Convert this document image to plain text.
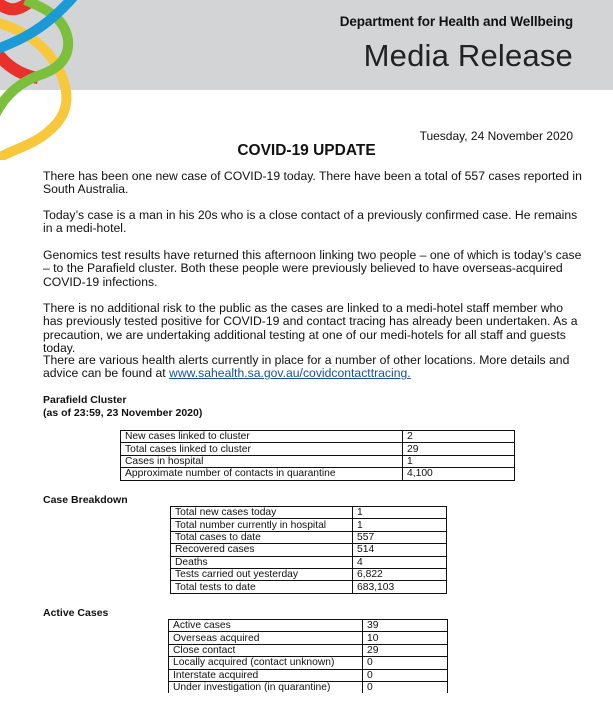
Department for Health and Wellbeing
Media Release
Tuesday, 24 November 2020
COVID-19 UPDATE

There has been one new case of COVID-19 today. There have been a total of 557 cases reported in South Australia.

Today’s case is a man in his 20s who is a close contact of a previously confirmed case. He remains in a medi-hotel.

Genomics test results have returned this afternoon linking two people – one of which is today’s case – to the Parafield cluster. Both these people were previously believed to have overseas-acquired COVID-19 infections.

There is no additional risk to the public as the cases are linked to a medi-hotel staff member who has previously tested positive for COVID-19 and contact tracing has already been undertaken. As a precaution, we are undertaking additional testing at one of our medi-hotels for all staff and guests today.

There are various health alerts currently in place for a number of other locations. More details and advice can be found at www.sahealth.sa.gov.au/covidcontacttracing.

Parafield Cluster
(as of 23:59, 23 November 2020)
New cases linked to cluster	2
Total cases linked to cluster	29
Cases in hospital	1
Approximate number of contacts in quarantine	4,100
Case Breakdown
Total new cases today	1
Total number currently in hospital	1
Total cases to date	557
Recovered cases	514
Deaths	4
Tests carried out yesterday	6,822
Total tests to date	683,103
Active Cases
Active cases	39
Overseas acquired	10
Close contact	29
Locally acquired (contact unknown)	0
Interstate acquired	0
Under investigation (in quarantine)	0
